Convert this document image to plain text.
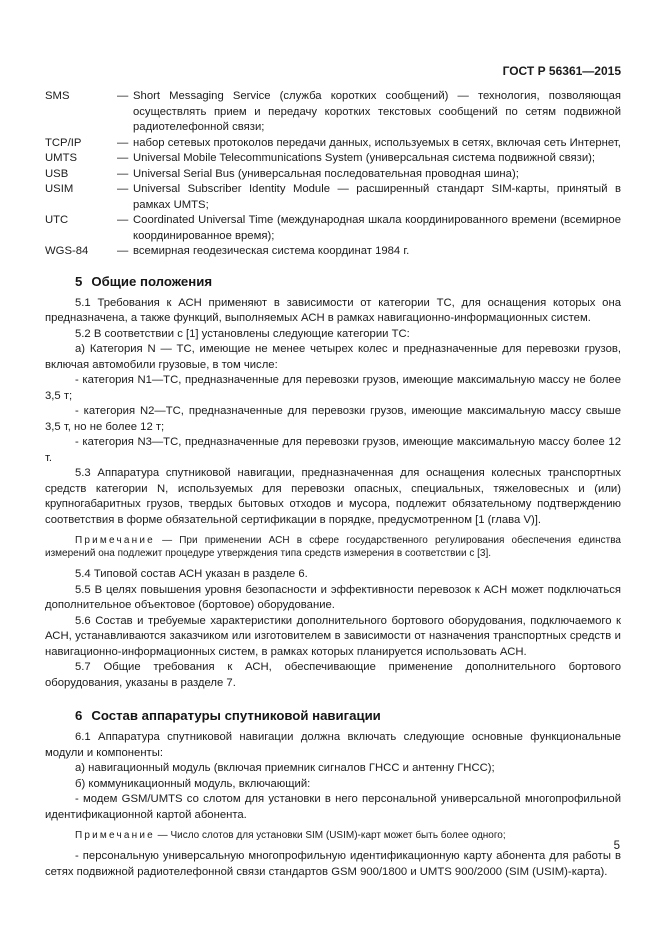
ГОСТ Р 56361—2015

SMS	— Short Messaging Service (служба коротких сообщений) — технология, позволяющая осуществлять прием и передачу коротких текстовых сообщений по сетям подвижной радиотелефонной связи;
TCP/IP	— набор сетевых протоколов передачи данных, используемых в сетях, включая сеть Интернет,
UMTS	— Universal Mobile Telecommunications System (универсальная система подвижной связи);
USB	— Universal Serial Bus (универсальная последовательная проводная шина);
USIM	— Universal Subscriber Identity Module — расширенный стандарт SIM-карты, принятый в рамках UMTS;
UTC	— Coordinated Universal Time (международная шкала координированного времени (всемирное координированное время);
WGS-84	— всемирная геодезическая система координат 1984 г.
5 Общие положения

5.1 Требования к АСН применяют в зависимости от категории ТС, для оснащения которых она предназначена, а также функций, выполняемых АСН в рамках навигационно-информационных систем.

5.2 В соответствии с [1] установлены следующие категории ТС:

а) Категория N — ТС, имеющие не менее четырех колес и предназначенные для перевозки грузов, включая автомобили грузовые, в том числе:

- категория N1—ТС, предназначенные для перевозки грузов, имеющие максимальную массу не более 3,5 т;

- категория N2—ТС, предназначенные для перевозки грузов, имеющие максимальную массу свыше 3,5 т, но не более 12 т;

- категория N3—ТС, предназначенные для перевозки грузов, имеющие максимальную массу более 12 т.

5.3 Аппаратура спутниковой навигации, предназначенная для оснащения колесных транспортных средств категории N, используемых для перевозки опасных, специальных, тяжеловесных и (или) крупногабаритных грузов, твердых бытовых отходов и мусора, подлежит обязательному подтверждению соответствия в форме обязательной сертификации в порядке, предусмотренном [1 (глава V)].

Примечание — При применении АСН в сфере государственного регулирования обеспечения единства измерений она подлежит процедуре утверждения типа средств измерения в соответствии с [3].

5.4 Типовой состав АСН указан в разделе 6.

5.5 В целях повышения уровня безопасности и эффективности перевозок к АСН может подключаться дополнительное объектовое (бортовое) оборудование.

5.6 Состав и требуемые характеристики дополнительного бортового оборудования, подключаемого к АСН, устанавливаются заказчиком или изготовителем в зависимости от назначения транспортных средств и навигационно-информационных систем, в рамках которых планируется использовать АСН.

5.7 Общие требования к АСН, обеспечивающие применение дополнительного бортового оборудования, указаны в разделе 7.

6 Состав аппаратуры спутниковой навигации

6.1 Аппаратура спутниковой навигации должна включать следующие основные функциональные модули и компоненты:

а) навигационный модуль (включая приемник сигналов ГНСС и антенну ГНСС);

б) коммуникационный модуль, включающий:

- модем GSM/UMTS со слотом для установки в него персональной универсальной многопрофильной идентификационной картой абонента.

Примечание — Число слотов для установки SIM (USIM)-карт может быть более одного;

- персональную универсальную многопрофильную идентификационную карту абонента для работы в сетях подвижной радиотелефонной связи стандартов GSM 900/1800 и UMTS 900/2000 (SIM (USIM)-карта).

5
